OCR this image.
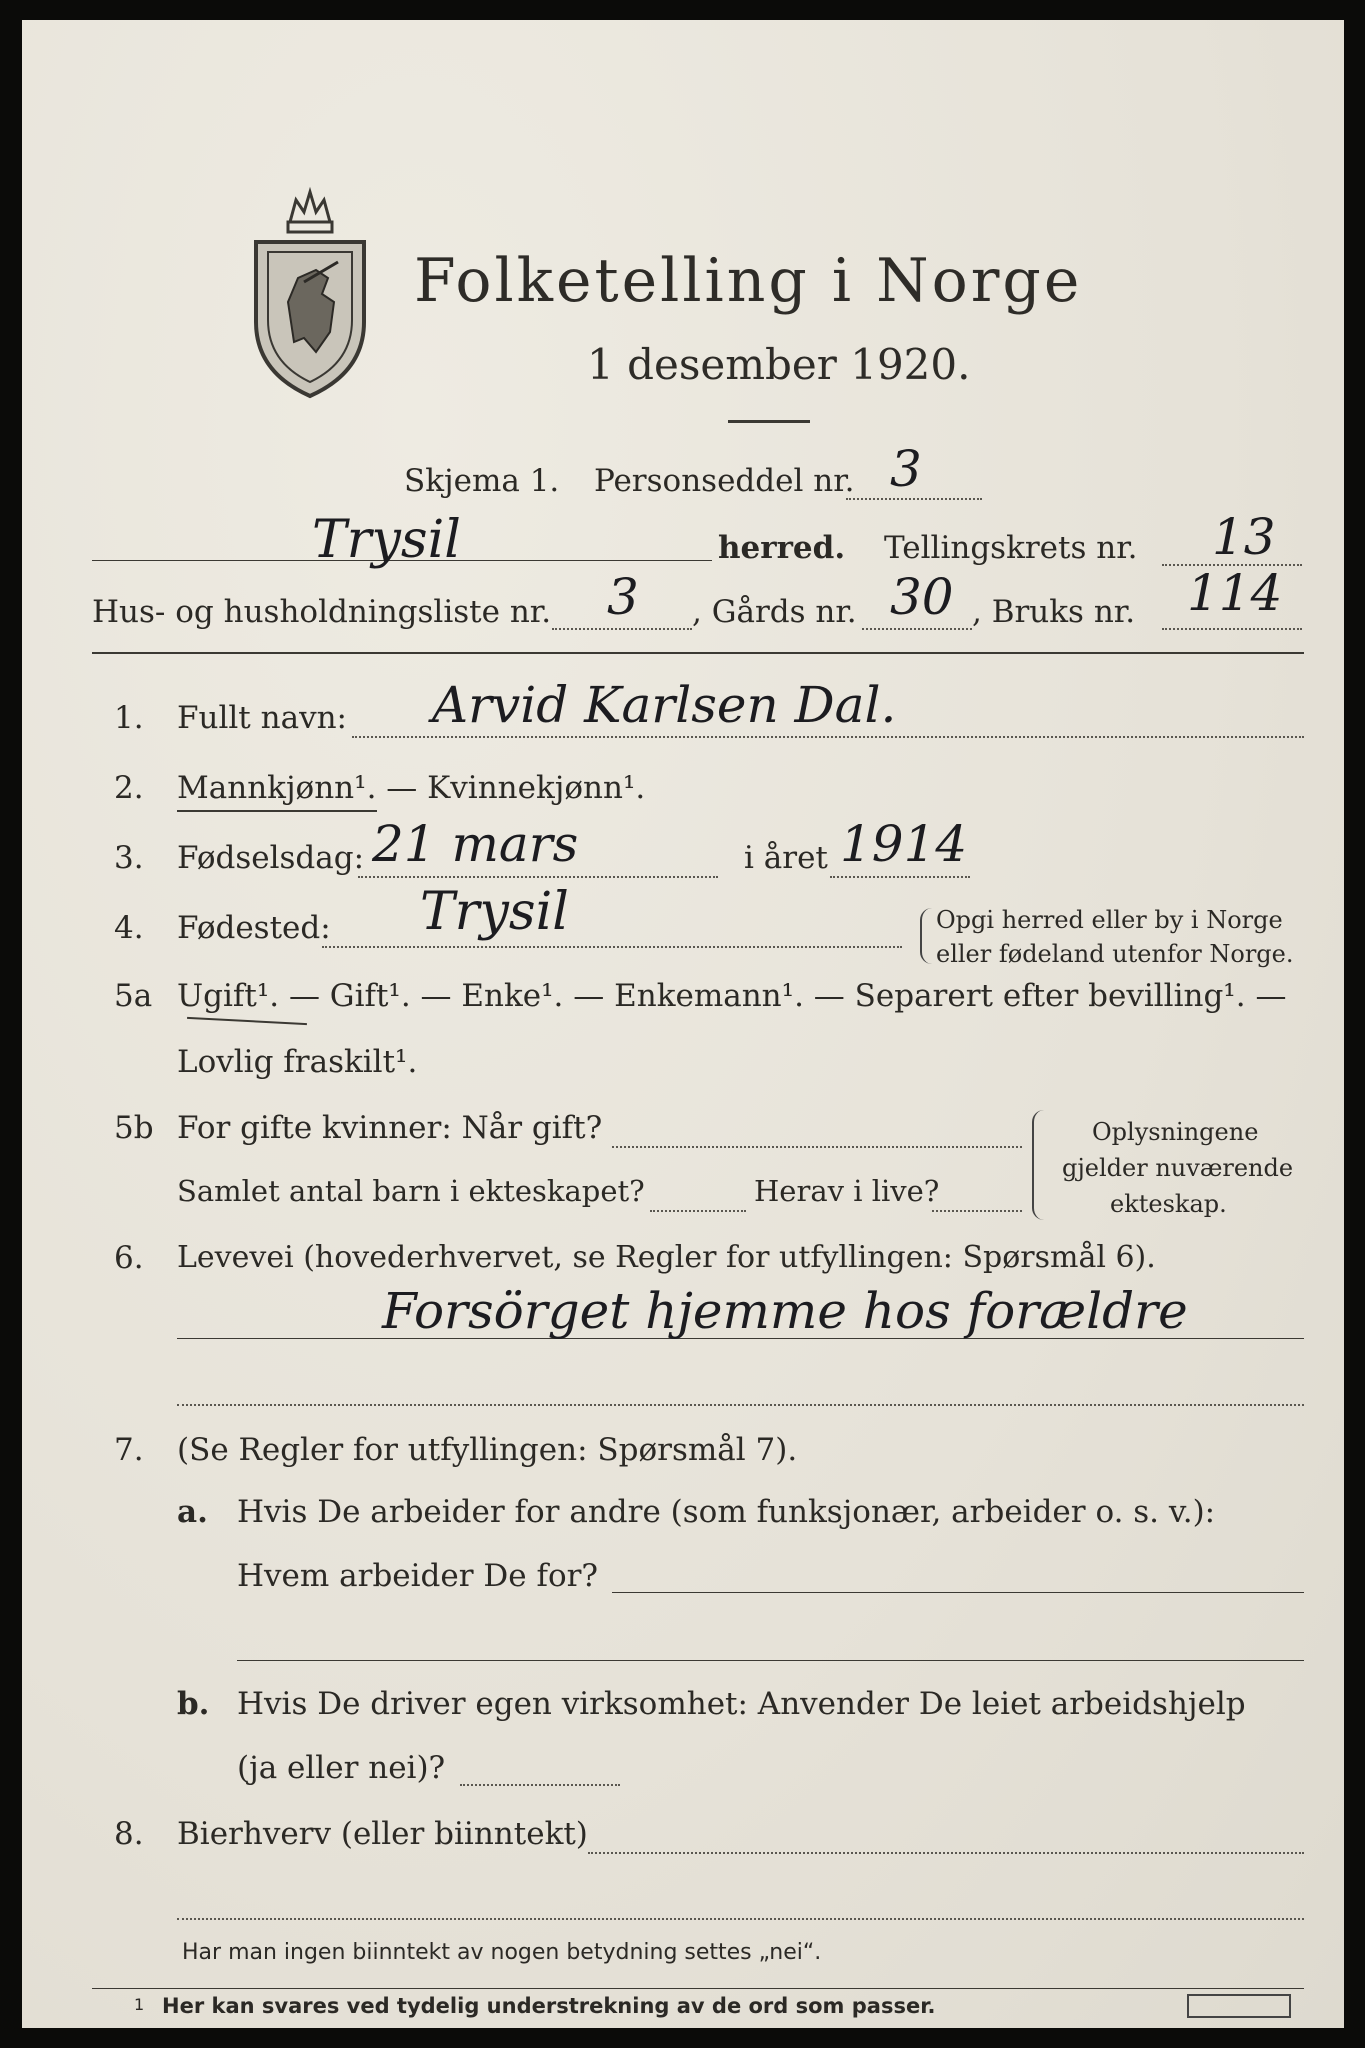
Folketelling i Norge
1 desember 1920.
Skjema 1. Personseddel nr. 3
Trysil	herred. Tellingskrets nr. 13
Hus- og husholdningsliste nr. 3 , Gårds nr. 30 , Bruks nr. 114
1. Fullt navn: Arvid Karlsen Dal.
2. Mannkjønn¹. — Kvinnekjønn¹.
3. Fødselsdag: 21 mars	i året 1914
4. Fødested: Trysil	Opgi herred eller by i Norge
eller fødeland utenfor Norge.
5a Ugift¹. — Gift¹. — Enke¹. — Enkemann¹. — Separert efter bevilling¹. —
Lovlig fraskilt¹.
5b For gifte kvinner: Når gift?
Samlet antal barn i ekteskapet?	Herav i live?
Oplysningene
gjelder nuværende
ekteskap.
6. Levevei (hovederhvervet, se Regler for utfyllingen: Spørsmål 6).
Forsörget hjemme hos forældre
7. (Se Regler for utfyllingen: Spørsmål 7).
a. Hvis De arbeider for andre (som funksjonær, arbeider o. s. v.):
Hvem arbeider De for?
b. Hvis De driver egen virksomhet: Anvender De leiet arbeidshjelp
(ja eller nei)?
8. Bierhverv (eller biinntekt)
Har man ingen biinntekt av nogen betydning settes „nei“.
1 Her kan svares ved tydelig understrekning av de ord som passer.
